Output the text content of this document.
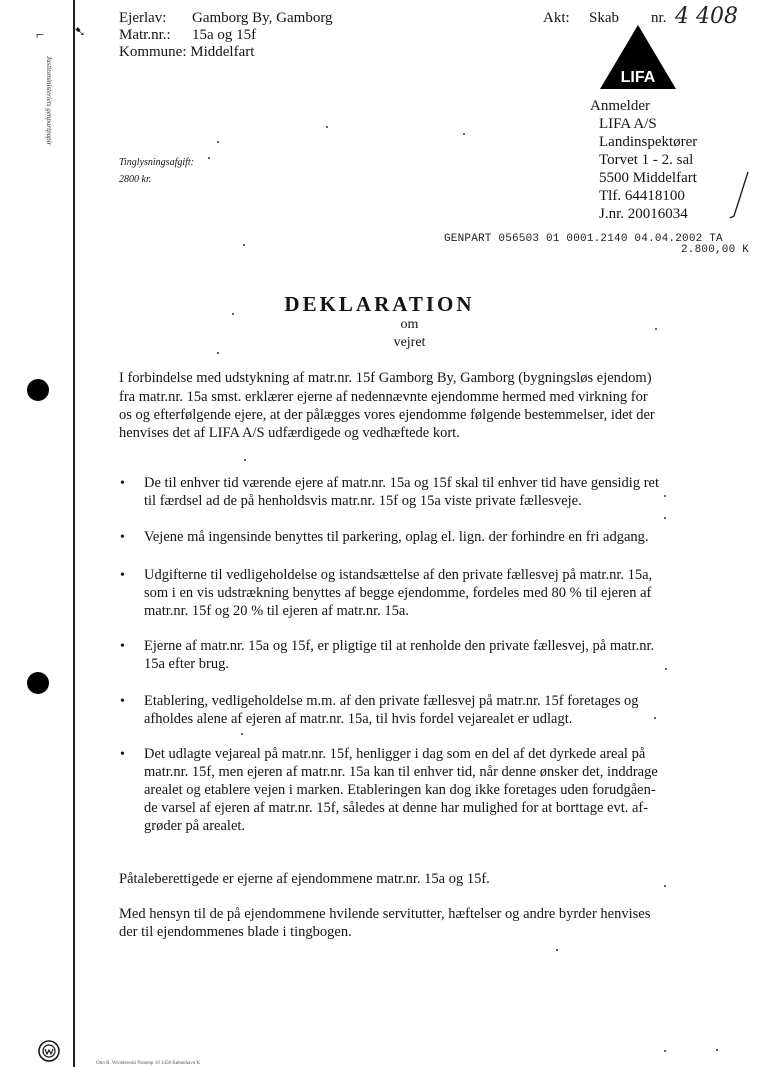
Justitsministeriets genpartpapir
⌐ ➷
Ejerlav: Gamborg By, Gamborg
Matr.nr.: 15a og 15f
Kommune: Middelfart
Akt: Skab nr. 4 408
LIFA
Anmelder
LIFA A/S
Landinspektører
Torvet 1 - 2. sal
5500 Middelfart
Tlf. 64418100
J.nr. 20016034
Tinglysningsafgift:
2800 kr.
GENPART 056503 01 0001.2140 04.04.2002 TA
2.800,00 K
DEKLARATION
om
vejret
I forbindelse med udstykning af matr.nr. 15f Gamborg By, Gamborg (bygningsløs ejendom)
fra matr.nr. 15a smst. erklærer ejerne af nedennævnte ejendomme hermed med virkning for
os og efterfølgende ejere, at der pålægges vores ejendomme følgende bestemmelser, idet der
henvises det af LIFA A/S udfærdigede og vedhæftede kort.
• De til enhver tid værende ejere af matr.nr. 15a og 15f skal til enhver tid have gensidig ret
til færdsel ad de på henholdsvis matr.nr. 15f og 15a viste private fællesveje.
• Vejene må ingensinde benyttes til parkering, oplag el. lign. der forhindre en fri adgang.
• Udgifterne til vedligeholdelse og istandsættelse af den private fællesvej på matr.nr. 15a,
som i en vis udstrækning benyttes af begge ejendomme, fordeles med 80 % til ejeren af
matr.nr. 15f og 20 % til ejeren af matr.nr. 15a.
• Ejerne af matr.nr. 15a og 15f, er pligtige til at renholde den private fællesvej, på matr.nr.
15a efter brug.
• Etablering, vedligeholdelse m.m. af den private fællesvej på matr.nr. 15f foretages og
afholdes alene af ejeren af matr.nr. 15a, til hvis fordel vejarealet er udlagt.
• Det udlagte vejareal på matr.nr. 15f, henligger i dag som en del af det dyrkede areal på
matr.nr. 15f, men ejeren af matr.nr. 15a kan til enhver tid, når denne ønsker det, inddrage
arealet og etablere vejen i marken. Etableringen kan dog ikke foretages uden forudgåen-
de varsel af ejeren af matr.nr. 15f, således at denne har mulighed for at borttage evt. af-
grøder på arealet.
Påtaleberettigede er ejerne af ejendommene matr.nr. 15a og 15f.
Med hensyn til de på ejendommene hvilende servitutter, hæftelser og andre byrder henvises
der til ejendommenes blade i tingbogen.
Otto B. Wroblewski Nutemp 10 1458 København K
